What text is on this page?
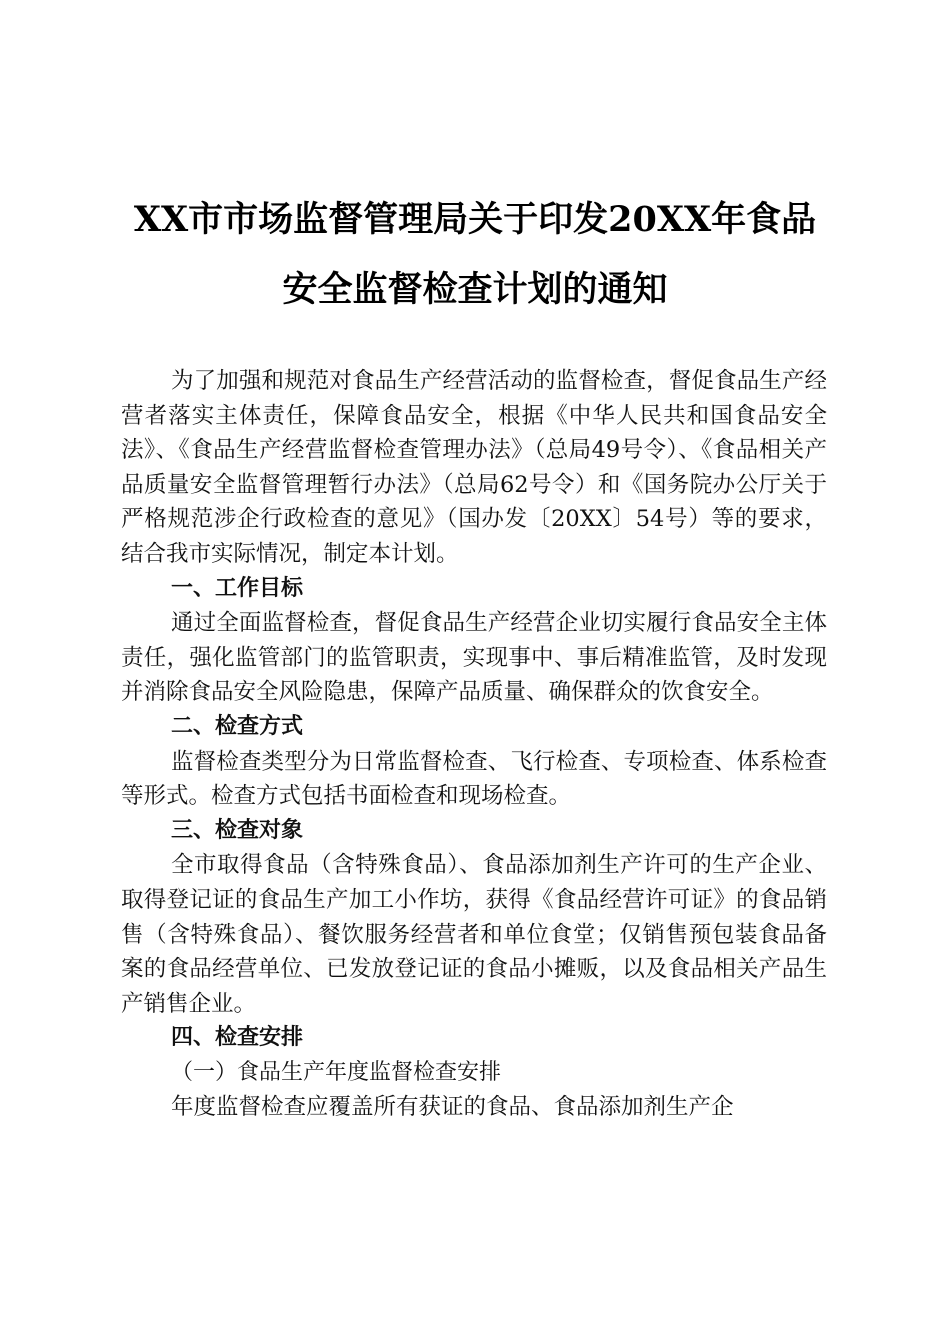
XX市市场监督管理局关于印发20XX年食品
安全监督检查计划的通知

为了加强和规范对食品生产经营活动的监督检查，督促食品生产经营者落实主体责任，保障食品安全，根据《中华人民共和国食品安全法》、《食品生产经营监督检查管理办法》（总局49号令）、《食品相关产品质量安全监督管理暂行办法》（总局62号令）和《国务院办公厅关于严格规范涉企行政检查的意见》（国办发〔20XX〕54号）等的要求，结合我市实际情况，制定本计划。

一、工作目标

通过全面监督检查，督促食品生产经营企业切实履行食品安全主体责任，强化监管部门的监管职责，实现事中、事后精准监管，及时发现并消除食品安全风险隐患，保障产品质量、确保群众的饮食安全。

二、检查方式

监督检查类型分为日常监督检查、飞行检查、专项检查、体系检查等形式。检查方式包括书面检查和现场检查。

三、检查对象

全市取得食品（含特殊食品）、食品添加剂生产许可的生产企业、取得登记证的食品生产加工小作坊，获得《食品经营许可证》的食品销售（含特殊食品）、餐饮服务经营者和单位食堂；仅销售预包装食品备案的食品经营单位、已发放登记证的食品小摊贩，以及食品相关产品生产销售企业。

四、检查安排

（一）食品生产年度监督检查安排

年度监督检查应覆盖所有获证的食品、食品添加剂生产企
